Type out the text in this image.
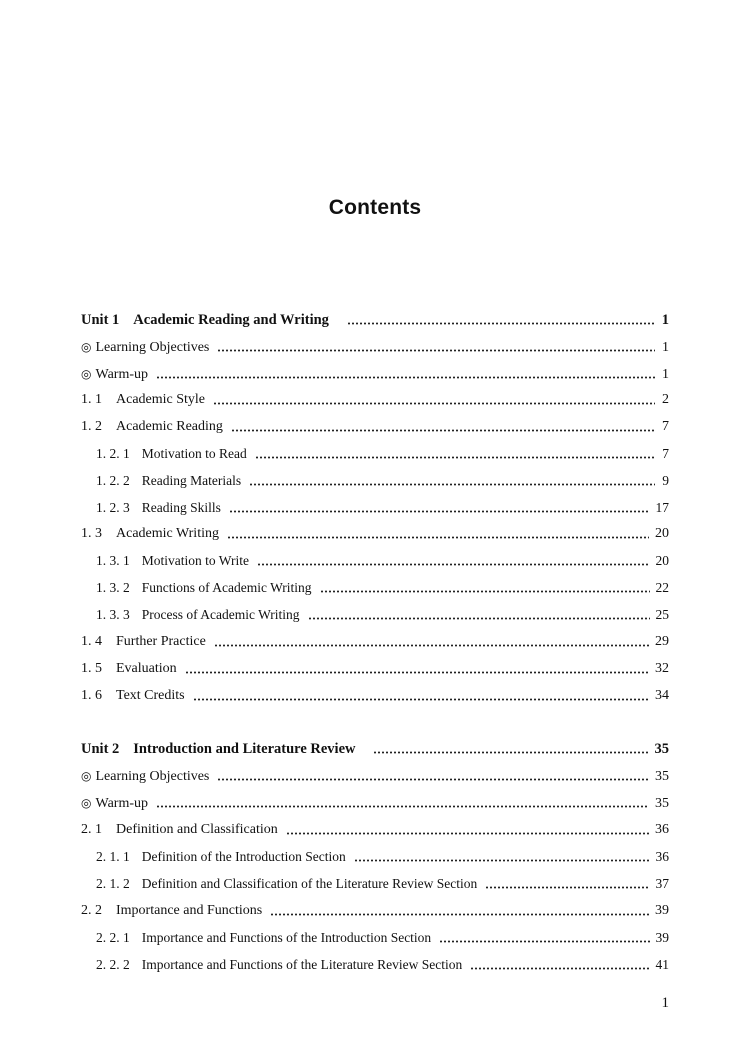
Contents
Unit 1 Academic Reading and Writing	1
◎ Learning Objectives	1
◎ Warm-up	1
1. 1 Academic Style	2
1. 2 Academic Reading	7
1. 2. 1 Motivation to Read	7
1. 2. 2 Reading Materials	9
1. 2. 3 Reading Skills	17
1. 3 Academic Writing	20
1. 3. 1 Motivation to Write	20
1. 3. 2 Functions of Academic Writing	22
1. 3. 3 Process of Academic Writing	25
1. 4 Further Practice	29
1. 5 Evaluation	32
1. 6 Text Credits	34
Unit 2 Introduction and Literature Review	35
◎ Learning Objectives	35
◎ Warm-up	35
2. 1 Definition and Classification	36
2. 1. 1 Definition of the Introduction Section	36
2. 1. 2 Definition and Classification of the Literature Review Section	37
2. 2 Importance and Functions	39
2. 2. 1 Importance and Functions of the Introduction Section	39
2. 2. 2 Importance and Functions of the Literature Review Section	41
1
